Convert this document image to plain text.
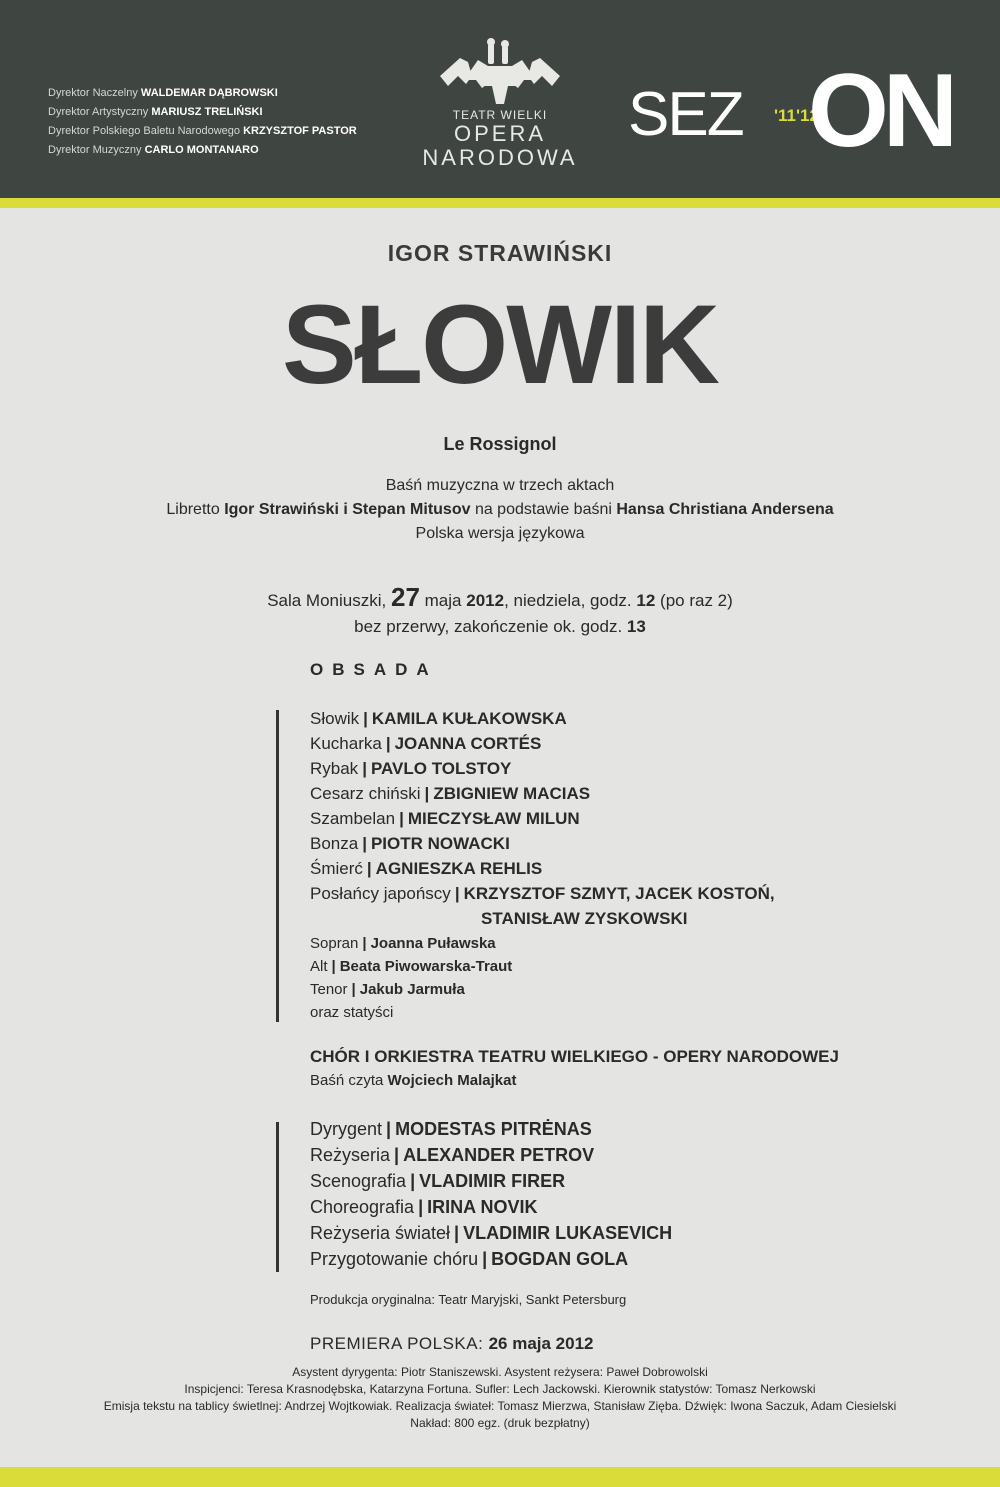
Dyrektor Naczelny WALDEMAR DĄBROWSKI
Dyrektor Artystyczny MARIUSZ TRELIŃSKI
Dyrektor Polskiego Baletu Narodowego KRZYSZTOF PASTOR
Dyrektor Muzyczny CARLO MONTANARO
TEATR WIELKI
OPERA
NARODOWA
SEZ '11'12
ON
IGOR STRAWIŃSKI
SŁOWIK
Le Rossignol
Baśń muzyczna w trzech aktach
Libretto Igor Strawiński i Stepan Mitusov na podstawie baśni Hansa Christiana Andersena
Polska wersja językowa
Sala Moniuszki, 27 maja 2012, niedziela, godz. 12 (po raz 2)
bez przerwy, zakończenie ok. godz. 13
OBSADA
Słowik | KAMILA KUŁAKOWSKA
Kucharka | JOANNA CORTÉS
Rybak | PAVLO TOLSTOY
Cesarz chiński | ZBIGNIEW MACIAS
Szambelan | MIECZYSŁAW MILUN
Bonza | PIOTR NOWACKI
Śmierć | AGNIESZKA REHLIS
Posłańcy japońscy | KRZYSZTOF SZMYT, JACEK KOSTOŃ,
STANISŁAW ZYSKOWSKI
Sopran | Joanna Puławska
Alt | Beata Piwowarska-Traut
Tenor | Jakub Jarmuła
oraz statyści
CHÓR I ORKIESTRA TEATRU WIELKIEGO - OPERY NARODOWEJ
Baśń czyta Wojciech Malajkat
Dyrygent | MODESTAS PITRĖNAS
Reżyseria | ALEXANDER PETROV
Scenografia | VLADIMIR FIRER
Choreografia | IRINA NOVIK
Reżyseria świateł | VLADIMIR LUKASEVICH
Przygotowanie chóru | BOGDAN GOLA
Produkcja oryginalna: Teatr Maryjski, Sankt Petersburg
PREMIERA POLSKA: 26 maja 2012
Asystent dyrygenta: Piotr Staniszewski. Asystent reżysera: Paweł Dobrowolski
Inspicjenci: Teresa Krasnodębska, Katarzyna Fortuna. Sufler: Lech Jackowski. Kierownik statystów: Tomasz Nerkowski
Emisja tekstu na tablicy świetlnej: Andrzej Wojtkowiak. Realizacja świateł: Tomasz Mierzwa, Stanisław Zięba. Dźwięk: Iwona Saczuk, Adam Ciesielski
Nakład: 800 egz. (druk bezpłatny)
